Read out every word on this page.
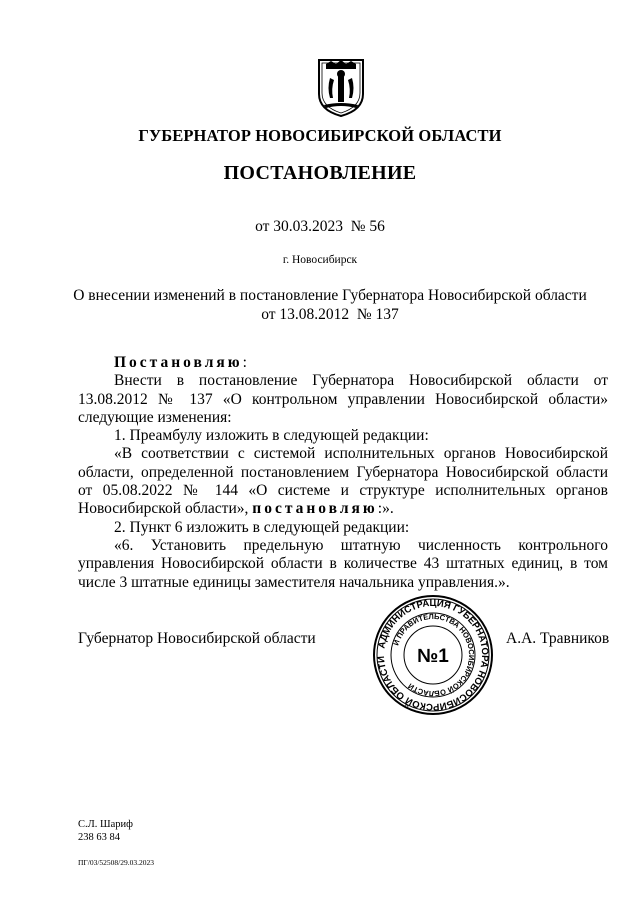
ГУБЕРНАТОР НОВОСИБИРСКОЙ ОБЛАСТИ
ПОСТАНОВЛЕНИЕ
от 30.03.2023 № 56
г. Новосибирск
О внесении изменений в постановление Губернатора Новосибирской области
от 13.08.2012  № 137

Постановляю:

Внести в постановление Губернатора Новосибирской области от 13.08.2012 № 137 «О контрольном управлении Новосибирской области» следующие изменения:

1. Преамбулу изложить в следующей редакции:

«В соответствии с системой исполнительных органов Новосибирской области, определенной постановлением Губернатора Новосибирской области от 05.08.2022 № 144 «О системе и структуре исполнительных органов Новосибирской области», постановляю:».

2. Пункт 6 изложить в следующей редакции:

«6. Установить предельную штатную численность контрольного управления Новосибирской области в количестве 43 штатных единиц, в том числе 3 штатные единицы заместителя начальника управления.».

Губернатор Новосибирской области	АДМИНИСТРАЦИЯ ГУБЕРНАТОРА НОВОСИБИРСКОЙ ОБЛАСТИ
И ПРАВИТЕЛЬСТВА НОВОСИБИРСКОЙ ОБЛАСТИ
№1
А.А. Травников
С.Л. Шариф
238 63 84
ПГ/03/52508/29.03.2023
